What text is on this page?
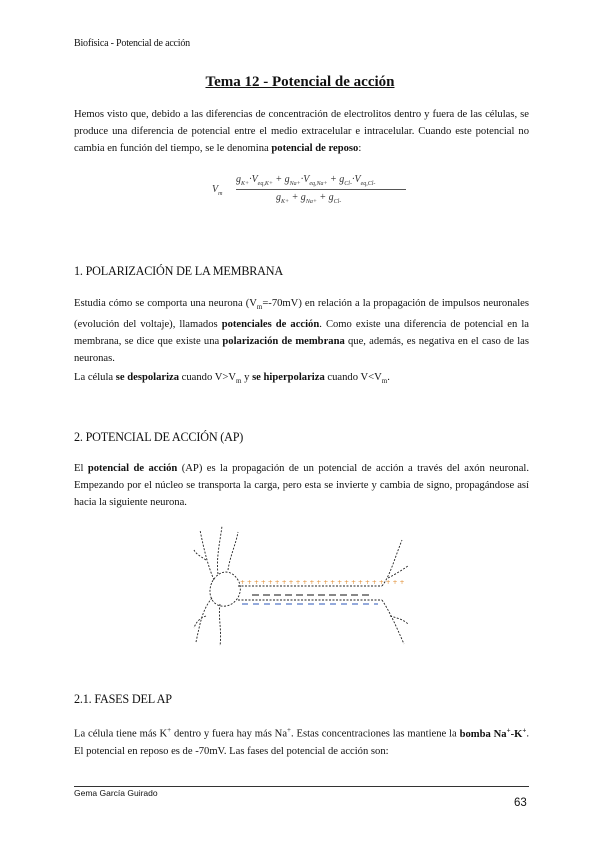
Biofísica - Potencial de acción
Tema 12 - Potencial de acción
Hemos visto que, debido a las diferencias de concentración de electrolitos dentro y fuera de las células, se produce una diferencia de potencial entre el medio extracelular e intracelular. Cuando este potencial no cambia en función del tiempo, se le denomina potencial de reposo:
$V_m$
$g_{K+}\cdot V_{eq,K+} + g_{Na+}\cdot V_{eq,Na+} + g_{Cl-}\cdot V_{eq,Cl-}$
$g_{K+} + g_{Na+} + g_{Cl-}$
1. POLARIZACIÓN DE LA MEMBRANA
Estudia cómo se comporta una neurona $(V_m=-70mV)$ en relación a la propagación de impulsos neuronales (evolución del voltaje), llamados potenciales de acción. Como existe una diferencia de potencial en la membrana, se dice que existe una polarización de membrana que, además, es negativa en el caso de las neuronas.
La célula se despolariza cuando $V>V_m$ y se hiperpolariza cuando $V<V_m$.
2. POTENCIAL DE ACCIÓN (AP)
El potencial de acción (AP) es la propagación de un potencial de acción a través del axón neuronal. Empezando por el núcleo se transporta la carga, pero esta se invierte y cambia de signo, propagándose así hacia la siguiente neurona.
+ + + + + + + + + + + + + + + + + + + + + + + +
2.1. FASES DEL AP
La célula tiene más K+ dentro y fuera hay más Na+. Estas concentraciones las mantiene la bomba Na+-K+. El potencial en reposo es de -70mV. Las fases del potencial de acción son:
Gema García Guirado
63
